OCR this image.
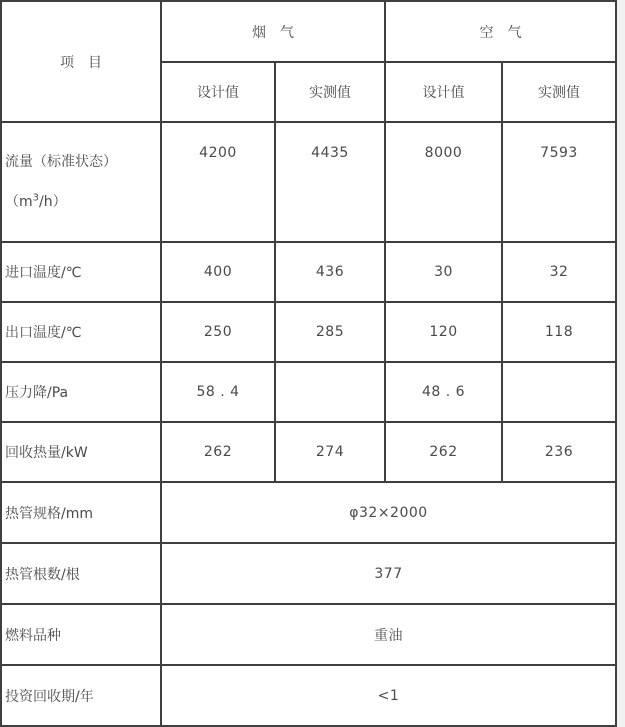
项　目	烟　气		空　气	
	设计值	实测值	设计值	实测值

流量（标准状态）
$(m^3/h)$	4200	4435	8000	7593
进口温度/℃	400	436	30	32
出口温度/℃	250	285	120	118
压力降/Pa	58 . 4		48 . 6	
回收热量/kW	262	274	262	236
热管规格/mm	φ32×2000			
热管根数/根	377			
燃料品种	重油			
投资回收期/年	<1			
